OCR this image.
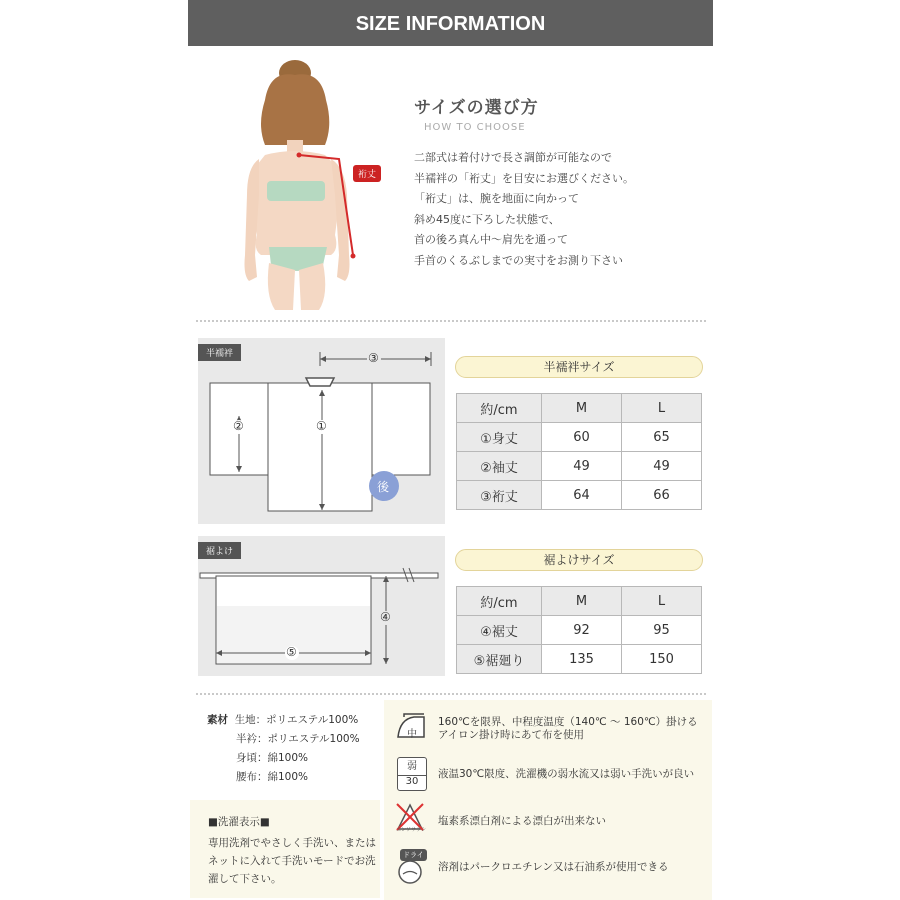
SIZE INFORMATION
裄丈
サイズの選び方
HOW TO CHOOSE
二部式は着付けで長さ調節が可能なので
半襦袢の「裄丈」を目安にお選びください。
「裄丈」は、腕を地面に向かって
斜め45度に下ろした状態で、
首の後ろ真ん中～肩先を通って
手首のくるぶしまでの実寸をお測り下さい
半襦袢	③
①
②
後
半襦袢サイズ
約/cm	M	L
①身丈	60	65
②袖丈	49	49
③裄丈	64	66
裾よけ
④
⑤
裾よけサイズ
約/cm	M	L
④裾丈	92	95
⑤裾廻り	135	150
素材 生地：ポリエステル100%
半衿：ポリエステル100%
身頃：綿100%
腰布：綿100%
■洗濯表示■
専用洗剤でやさしく手洗い、または
ネットに入れて手洗いモードでお洗
濯して下さい。
中
160℃を限界、中程度温度（140℃ ～ 160℃）掛ける
アイロン掛け時にあて布を使用
弱
30
液温30℃限度、洗濯機の弱水流又は弱い手洗いが良い
エンソサラシ
塩素系漂白剤による漂白が出来ない
ドライ
溶剤はパークロエチレン又は石油系が使用できる
